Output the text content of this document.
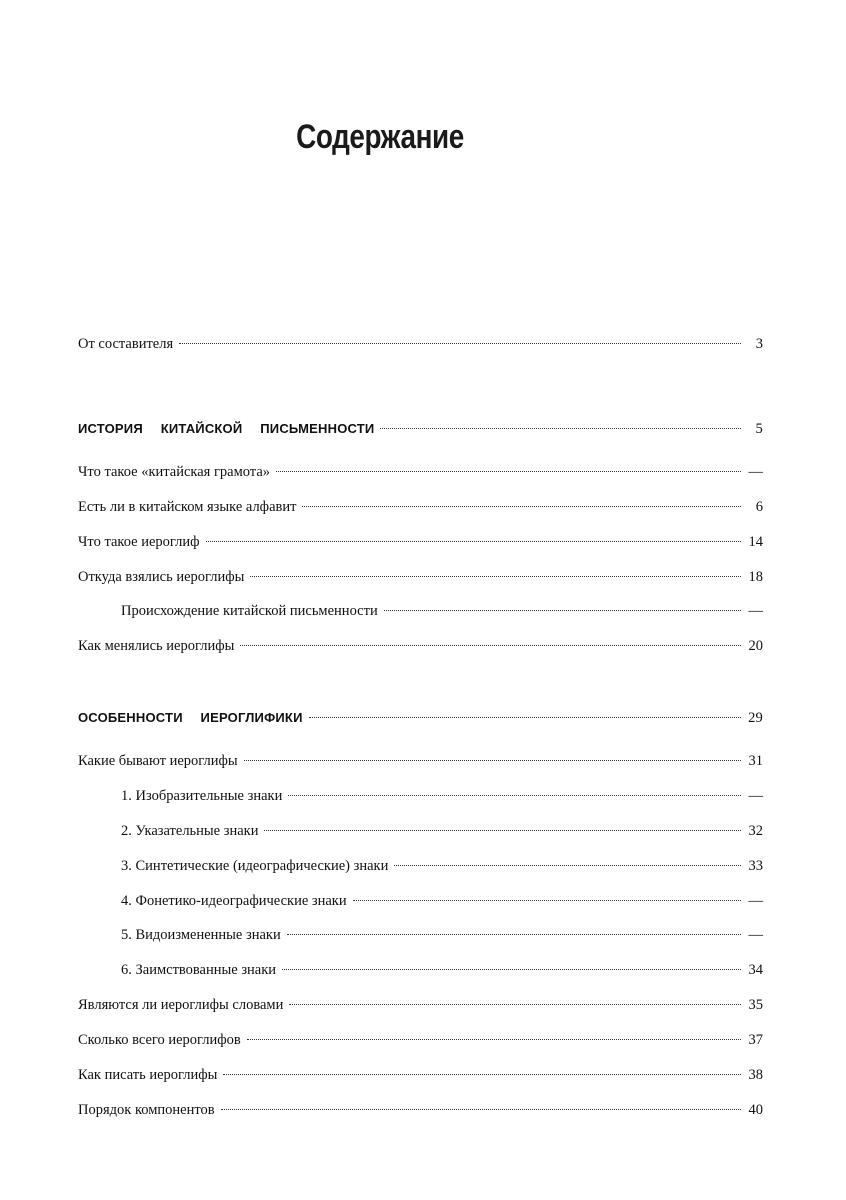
Содержание
От составителя	3
ИСТОРИЯ КИТАЙСКОЙ ПИСЬМЕННОСТИ	5
Что такое «китайская грамота»	—
Есть ли в китайском языке алфавит	6
Что такое иероглиф	14
Откуда взялись иероглифы	18
Происхождение китайской письменности	—
Как менялись иероглифы	20
ОСОБЕННОСТИ ИЕРОГЛИФИКИ	29
Какие бывают иероглифы	31
1. Изобразительные знаки	—
2. Указательные знаки	32
3. Синтетические (идеографические) знаки	33
4. Фонетико-идеографические знаки	—
5. Видоизмененные знаки	—
6. Заимствованные знаки	34
Являются ли иероглифы словами	35
Сколько всего иероглифов	37
Как писать иероглифы	38
Порядок компонентов	40
